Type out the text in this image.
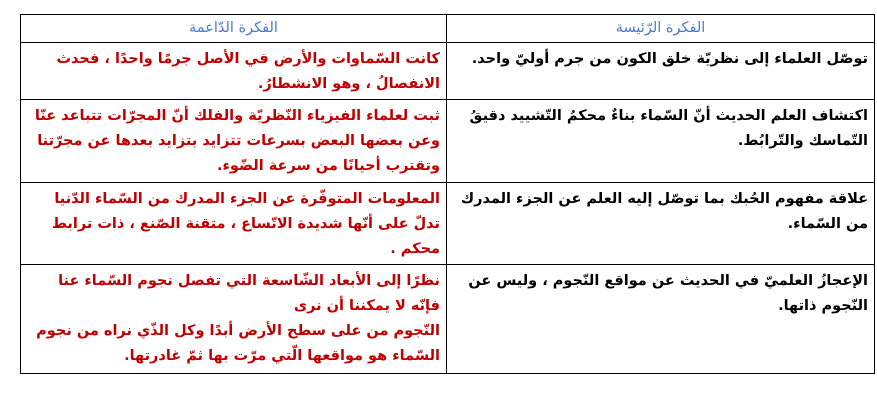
الفكرة الرّئيسة	الفكرة الدّاعمة
توصّل العلماء إلى نظريّة خلق الكون من جرم أوليّ واحد.	كانت السّماوات والأرض في الأصل جرمًا واحدًا ، فحدث الانفصالُ ، وهو الانشطارُ.
اكتشاف العلم الحديث أنّ السّماء بناءٌ محكمُ التّشييد دقيقُ التّماسك والتّرابُط.	ثبت لعلماء الفيزياء النّظريّة والفلك أنّ المجرّات تتباعد عنّا وعن بعضها البعض بسرعات تتزايد بتزايد بعدها عن مجرّتنا وتقترب أحيانًا من سرعة الضّوء.
علاقة مفهوم الحُبك بما توصّل إليه العلم عن الجزء المدرك من السّماء.	المعلومات المتوفّرة عن الجزء المدرك من السّماء الدّنيا تدلّ على أنّها شديدة الاتّساع ، متقنة الصّنع ، ذات ترابط محكم .
الإعجازُ العلميّ في الحديث عن مواقع النّجوم ، وليس عن النّجوم ذاتها.	نظرًا إلى الأبعاد الشّاسعة التي تفصل نجوم السّماء عنا فإنّه لا يمكننا أن نرى
النّجوم من على سطح الأرض أبدًا وكل الذّي نراه من نجوم السّماء هو مواقعها الّتي مرّت بها ثمّ غادرتها.
